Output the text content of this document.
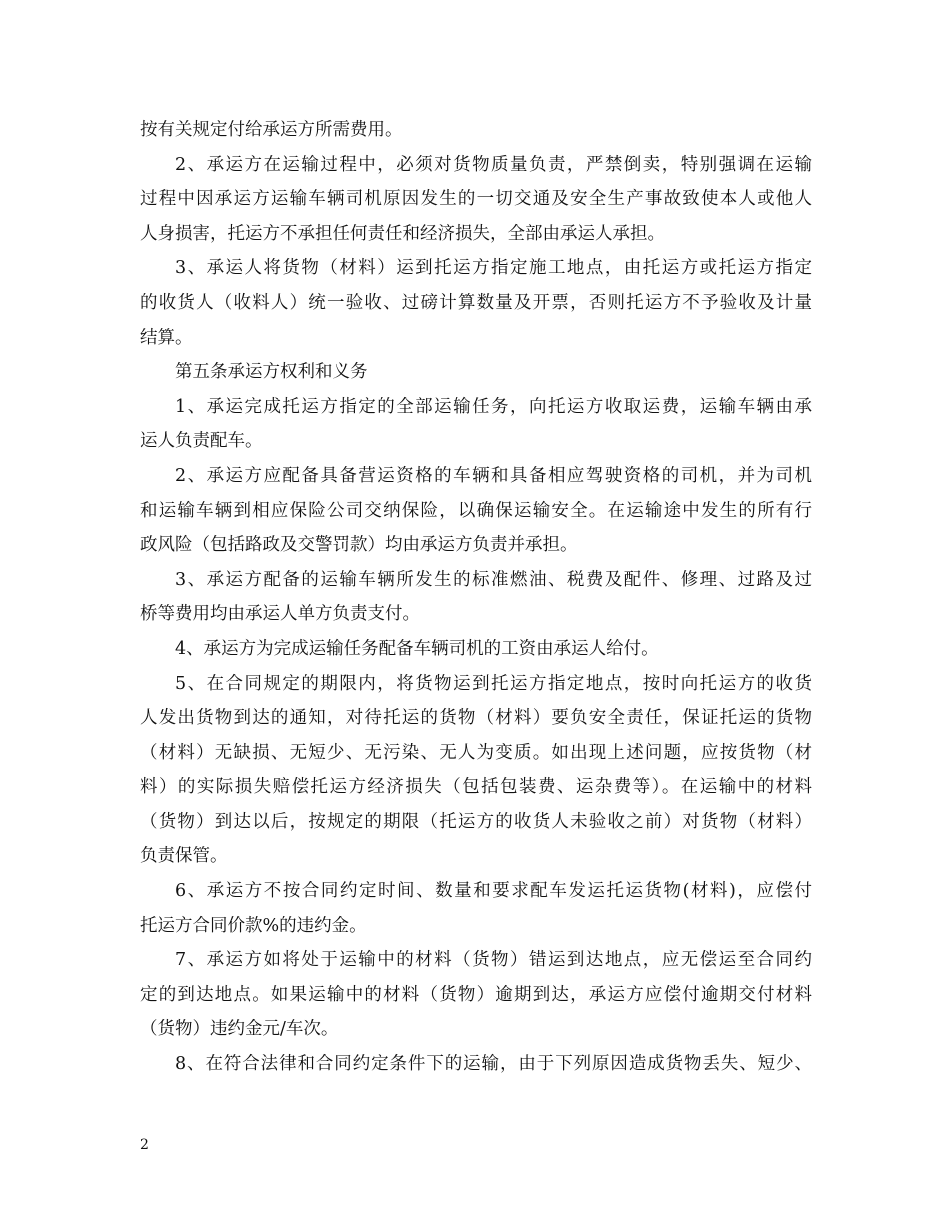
按有关规定付给承运方所需费用。
2、承运方在运输过程中，必须对货物质量负责，严禁倒卖，特别强调在运输
过程中因承运方运输车辆司机原因发生的一切交通及安全生产事故致使本人或他人
人身损害，托运方不承担任何责任和经济损失，全部由承运人承担。
3、承运人将货物（材料）运到托运方指定施工地点，由托运方或托运方指定
的收货人（收料人）统一验收、过磅计算数量及开票，否则托运方不予验收及计量
结算。
第五条承运方权利和义务
1、承运完成托运方指定的全部运输任务，向托运方收取运费，运输车辆由承
运人负责配车。
2、承运方应配备具备营运资格的车辆和具备相应驾驶资格的司机，并为司机
和运输车辆到相应保险公司交纳保险，以确保运输安全。在运输途中发生的所有行
政风险（包括路政及交警罚款）均由承运方负责并承担。
3、承运方配备的运输车辆所发生的标准燃油、税费及配件、修理、过路及过
桥等费用均由承运人单方负责支付。
4、承运方为完成运输任务配备车辆司机的工资由承运人给付。
5、在合同规定的期限内，将货物运到托运方指定地点，按时向托运方的收货
人发出货物到达的通知，对待托运的货物（材料）要负安全责任，保证托运的货物
（材料）无缺损、无短少、无污染、无人为变质。如出现上述问题，应按货物（材
料）的实际损失赔偿托运方经济损失（包括包装费、运杂费等）。在运输中的材料
（货物）到达以后，按规定的期限（托运方的收货人未验收之前）对货物（材料）
负责保管。
6、承运方不按合同约定时间、数量和要求配车发运托运货物(材料)，应偿付
托运方合同价款%的违约金。
7、承运方如将处于运输中的材料（货物）错运到达地点，应无偿运至合同约
定的到达地点。如果运输中的材料（货物）逾期到达，承运方应偿付逾期交付材料
（货物）违约金元/车次。
8、在符合法律和合同约定条件下的运输，由于下列原因造成货物丢失、短少、
2
